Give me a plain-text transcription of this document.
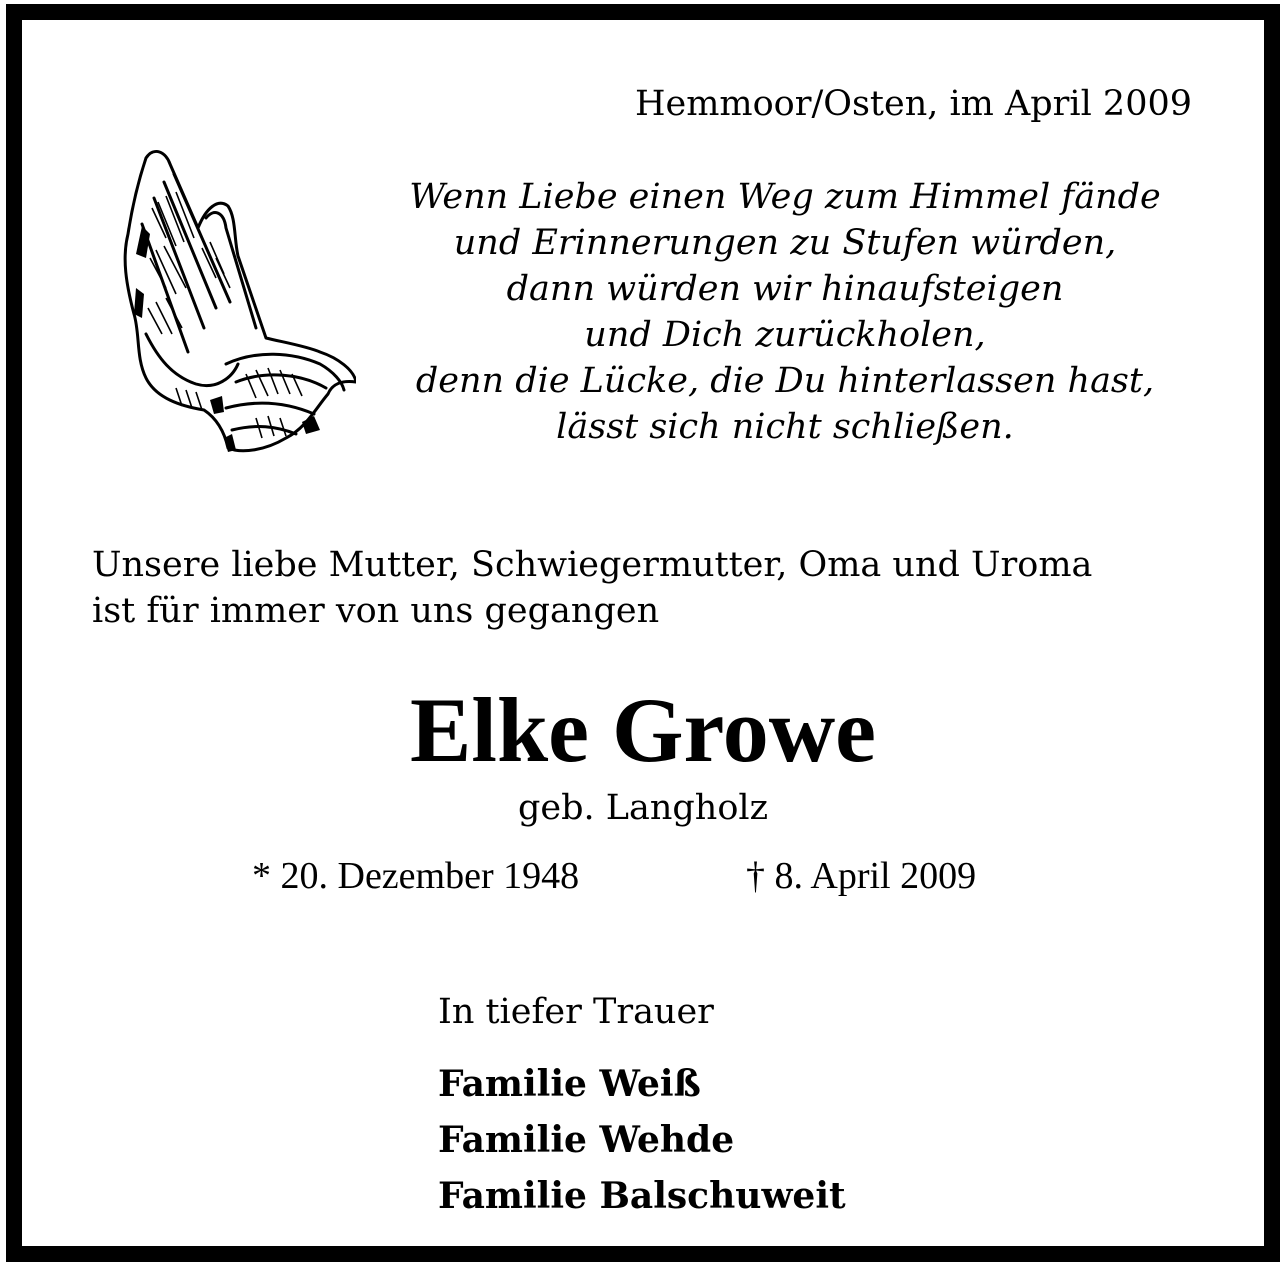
Hemmoor/Osten, im April 2009
Wenn Liebe einen Weg zum Himmel fände
und Erinnerungen zu Stufen würden,
dann würden wir hinaufsteigen
und Dich zurückholen,
denn die Lücke, die Du hinterlassen hast,
lässt sich nicht schließen.
Unsere liebe Mutter, Schwiegermutter, Oma und Uroma
ist für immer von uns gegangen
Elke Growe
geb. Langholz
* 20. Dezember 1948	† 8. April 2009
In tiefer Trauer
Familie Weiß
Familie Wehde
Familie Balschuweit
